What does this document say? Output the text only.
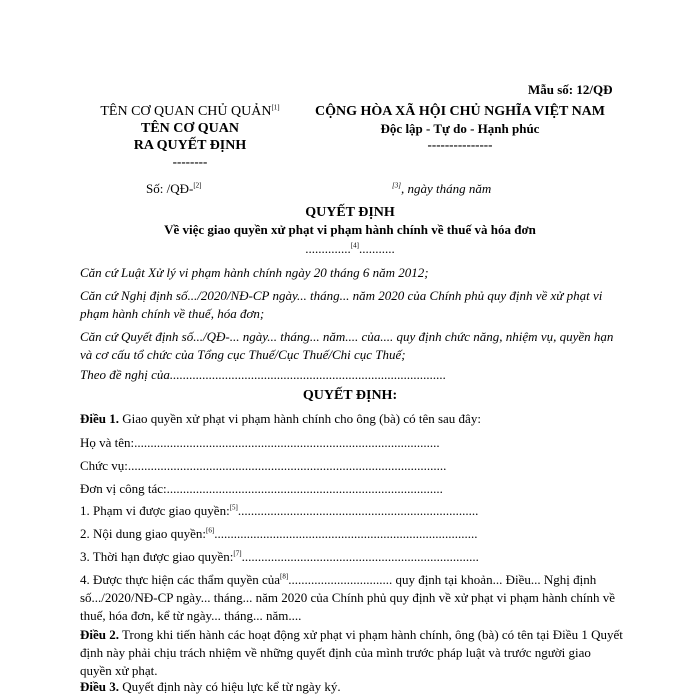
Mẫu số: 12/QĐ
TÊN CƠ QUAN CHỦ QUẢN[1]
TÊN CƠ QUAN
RA QUYẾT ĐỊNH
--------
CỘNG HÒA XÃ HỘI CHỦ NGHĨA VIỆT NAM
Độc lập - Tự do - Hạnh phúc
---------------
Số: /QĐ-[2]	[3], ngày tháng năm
QUYẾT ĐỊNH
Về việc giao quyền xử phạt vi phạm hành chính về thuế và hóa đơn
..............[4]...........
Căn cứ Luật Xử lý vi phạm hành chính ngày 20 tháng 6 năm 2012;
Căn cứ Nghị định số.../2020/NĐ-CP ngày... tháng... năm 2020 của Chính phủ quy định về xử phạt vi phạm hành chính về thuế, hóa đơn;
Căn cứ Quyết định số.../QĐ-... ngày... tháng... năm.... của.... quy định chức năng, nhiệm vụ, quyền hạn và cơ cấu tổ chức của Tổng cục Thuế/Cục Thuế/Chi cục Thuế;
Theo đề nghị của.....................................................................................
QUYẾT ĐỊNH:
Điều 1. Giao quyền xử phạt vi phạm hành chính cho ông (bà) có tên sau đây:
Họ và tên:..............................................................................................
Chức vụ:..................................................................................................
Đơn vị công tác:.....................................................................................
1. Phạm vi được giao quyền:[5]..........................................................................
2. Nội dung giao quyền:[6].................................................................................
3. Thời hạn được giao quyền:[7].........................................................................
4. Được thực hiện các thẩm quyền của[8]................................ quy định tại khoản... Điều... Nghị định số.../2020/NĐ-CP ngày... tháng... năm 2020 của Chính phủ quy định về xử phạt vi phạm hành chính về thuế, hóa đơn, kể từ ngày... tháng... năm....
Điều 2. Trong khi tiến hành các hoạt động xử phạt vi phạm hành chính, ông (bà) có tên tại Điều 1 Quyết định này phải chịu trách nhiệm về những quyết định của mình trước pháp luật và trước người giao quyền xử phạt.
Điều 3. Quyết định này có hiệu lực kể từ ngày ký.
